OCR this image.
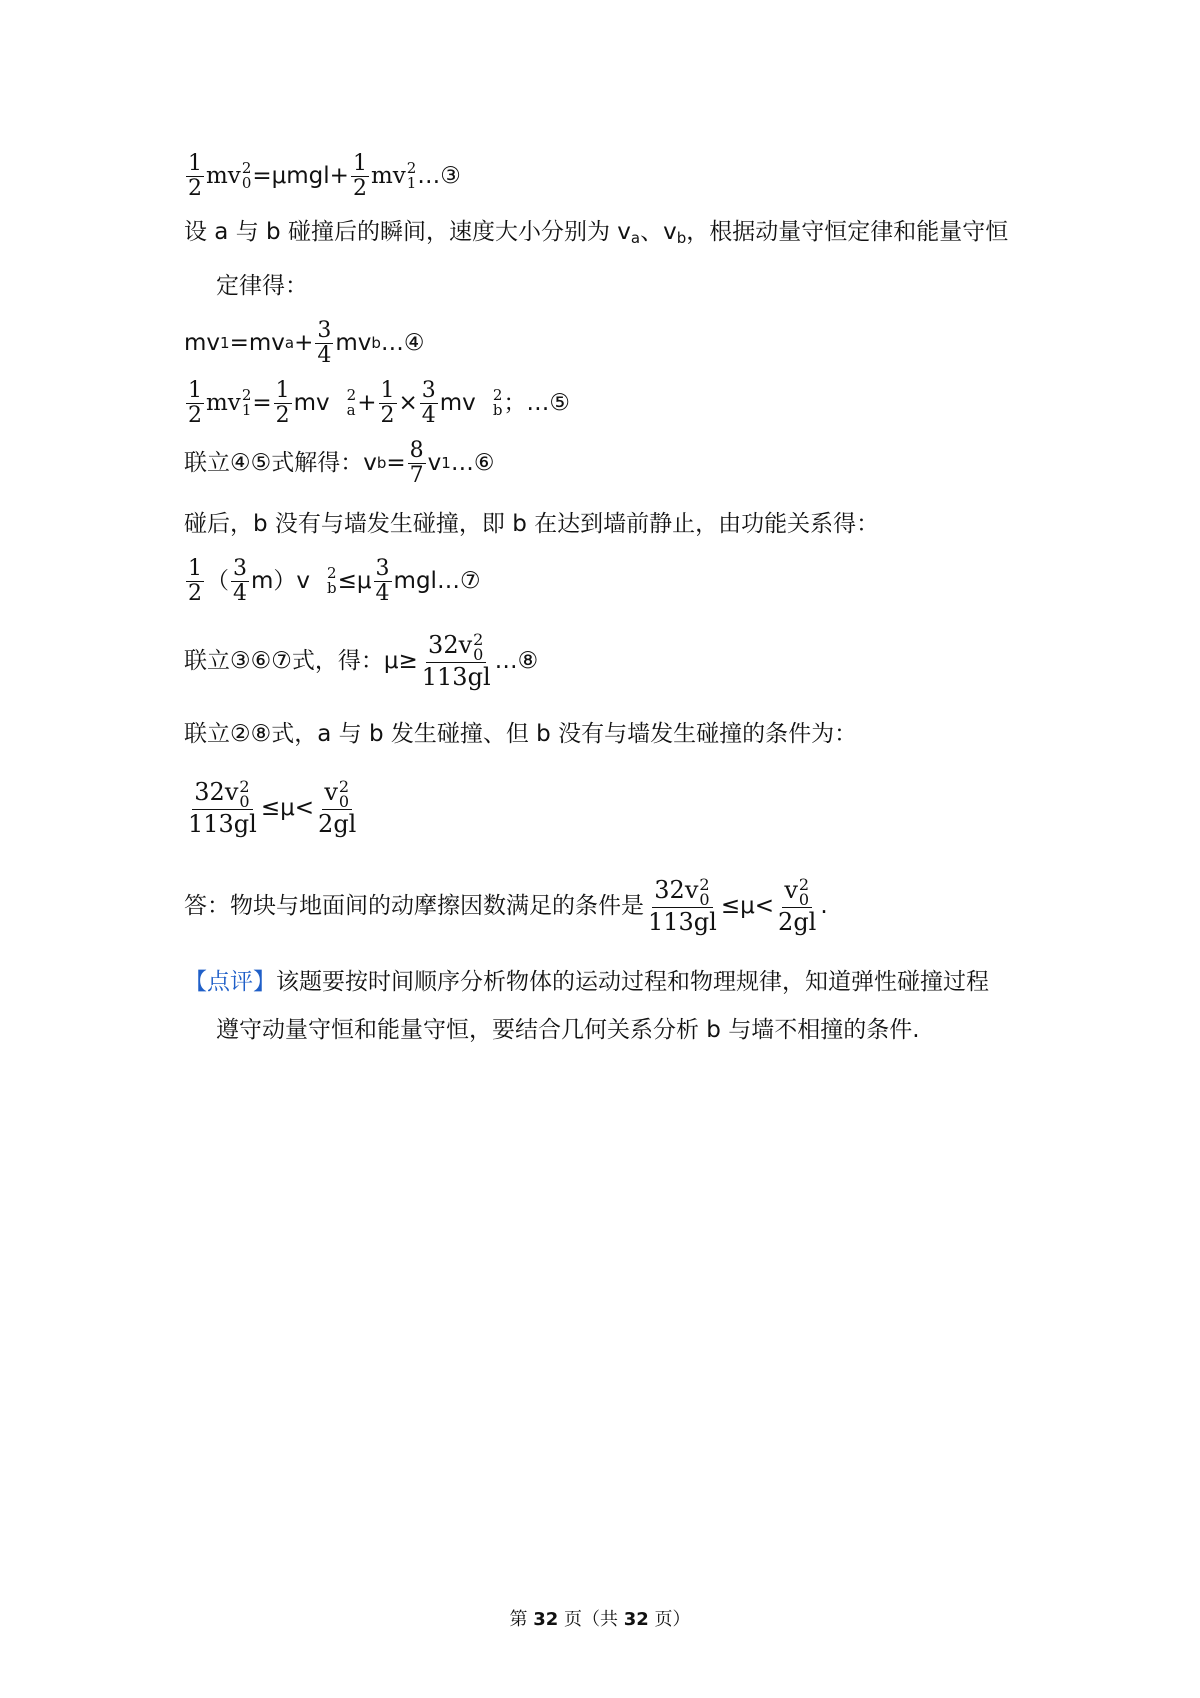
$\frac{1}{2}$ mv 2
$0 =\mu mgl+ \frac{1}{2}$ mv 2
1 …③
设 a 与 b 碰撞后的瞬间，速度大小分别为 $v_a$、$v_b$，根据动量守恒定律和能量守恒
定律得：
mv 1 =mv $a + \frac{3}{4}$ mv b …④
$\frac{1}{2}$ mv 2
$1 = \frac{1}{2}$ mv 2
$a + \frac{1}{2} \times \frac{3}{4}$ mv 2
b ；…⑤
联立④⑤式解得：v $b = \frac{8}{7}$ v 1 …⑥
碰后，b 没有与墙发生碰撞，即 b 在达到墙前静止，由功能关系得：
$\frac{1}{2}$ （ $\frac{3}{4} m)v$ 2
$b \le\mu \frac{3}{4}$ mgl …⑦
联立③⑥⑦式，得：μ≥ 32v 2
0
113gl …⑧
联立②⑧式，a 与 b 发生碰撞、但 b 没有与墙发生碰撞的条件为：
32v 2
0
113gl ≤μ< v 2
0
2gl
答：物块与地面间的动摩擦因数满足的条件是 32v 2
0
113gl ≤μ< v 2
0
2gl .
【点评】该题要按时间顺序分析物体的运动过程和物理规律，知道弹性碰撞过程
遵守动量守恒和能量守恒，要结合几何关系分析 b 与墙不相撞的条件.
第 32 页（共 32 页）
